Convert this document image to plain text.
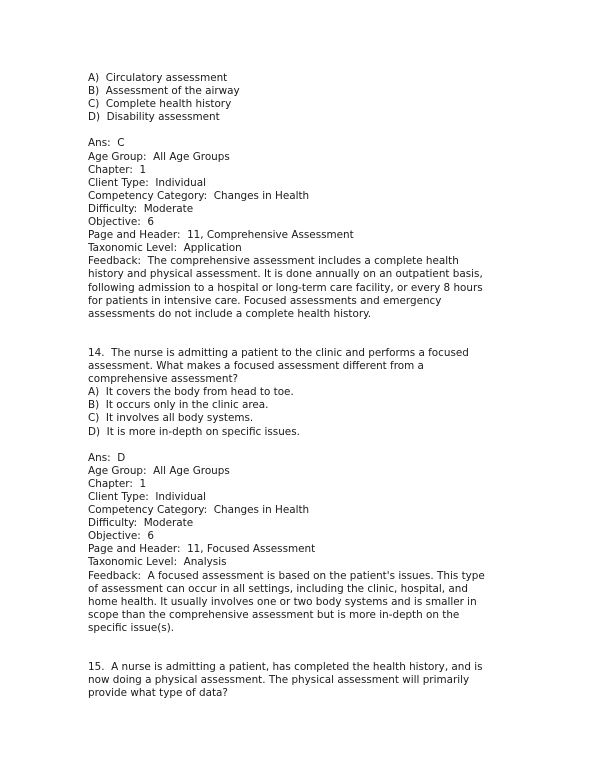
A)  Circulatory assessment
B)  Assessment of the airway
C)  Complete health history
D)  Disability assessment
Ans:  C
Age Group:  All Age Groups
Chapter:  1
Client Type:  Individual
Competency Category:  Changes in Health
Difficulty:  Moderate
Objective:  6
Page and Header:  11, Comprehensive Assessment
Taxonomic Level:  Application
Feedback:  The comprehensive assessment includes a complete health
history and physical assessment. It is done annually on an outpatient basis,
following admission to a hospital or long-term care facility, or every 8 hours
for patients in intensive care. Focused assessments and emergency
assessments do not include a complete health history.
14.  The nurse is admitting a patient to the clinic and performs a focused
assessment. What makes a focused assessment different from a
comprehensive assessment?
A)  It covers the body from head to toe.
B)  It occurs only in the clinic area.
C)  It involves all body systems.
D)  It is more in-depth on specific issues.
Ans:  D
Age Group:  All Age Groups
Chapter:  1
Client Type:  Individual
Competency Category:  Changes in Health
Difficulty:  Moderate
Objective:  6
Page and Header:  11, Focused Assessment
Taxonomic Level:  Analysis
Feedback:  A focused assessment is based on the patient's issues. This type
of assessment can occur in all settings, including the clinic, hospital, and
home health. It usually involves one or two body systems and is smaller in
scope than the comprehensive assessment but is more in-depth on the
specific issue(s).
15.  A nurse is admitting a patient, has completed the health history, and is
now doing a physical assessment. The physical assessment will primarily
provide what type of data?
